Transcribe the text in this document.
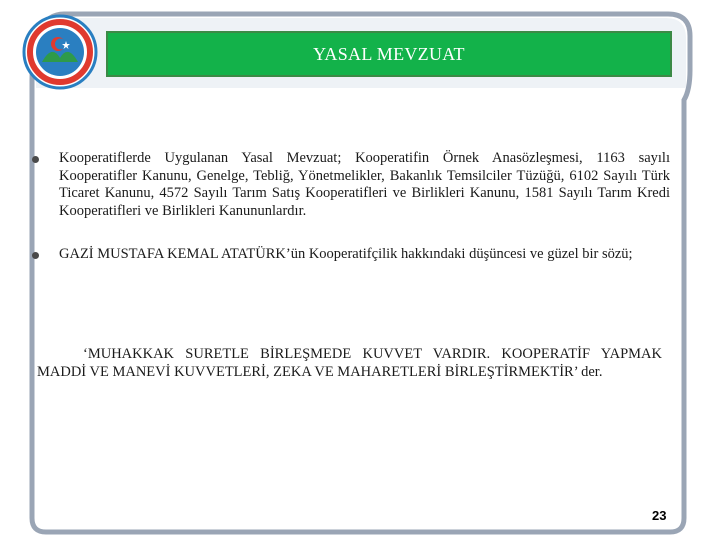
YASAL MEVZUAT
Kooperatiflerde Uygulanan Yasal Mevzuat; Kooperatifin Örnek Anasözleşmesi, 1163 sayılı Kooperatifler Kanunu, Genelge, Tebliğ, Yönetmelikler, Bakanlık Temsilciler Tüzüğü, 6102 Sayılı Türk Ticaret Kanunu, 4572 Sayılı Tarım Satış Kooperatifleri ve Birlikleri Kanunu, 1581 Sayılı Tarım Kredi Kooperatifleri ve Birlikleri Kanununlardır.
GAZİ MUSTAFA KEMAL ATATÜRK’ün Kooperatifçilik hakkındaki düşüncesi ve güzel bir sözü;
‘MUHAKKAK SURETLE BİRLEŞMEDE KUVVET VARDIR. KOOPERATİF YAPMAK MADDİ VE MANEVİ KUVVETLERİ, ZEKA VE MAHARETLERİ BİRLEŞTİRMEKTİR’ der.
23
